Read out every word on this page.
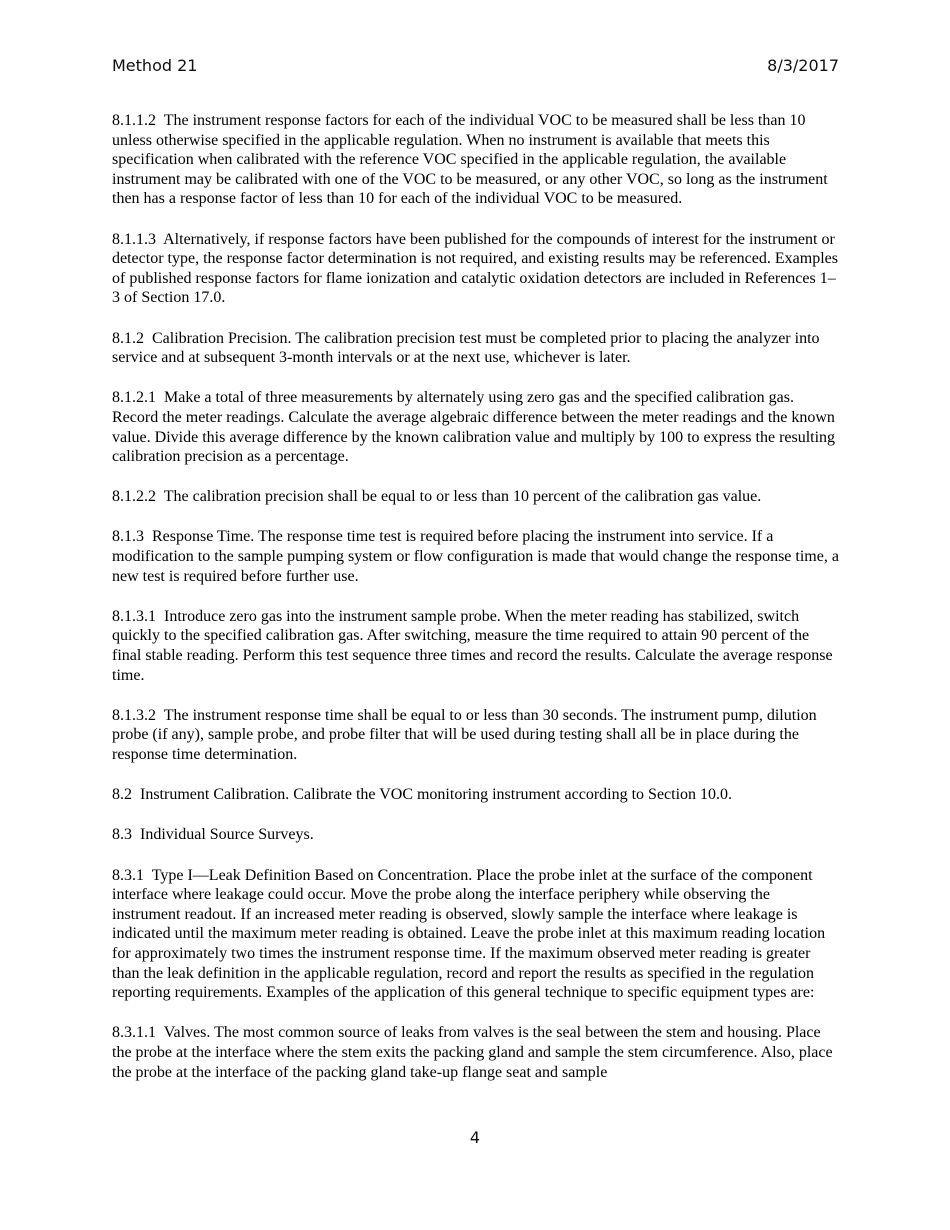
Method 21	8/3/2017

8.1.1.2  The instrument response factors for each of the individual VOC to be measured shall be less than 10 unless otherwise specified in the applicable regulation. When no instrument is available that meets this specification when calibrated with the reference VOC specified in the applicable regulation, the available instrument may be calibrated with one of the VOC to be measured, or any other VOC, so long as the instrument then has a response factor of less than 10 for each of the individual VOC to be measured.

8.1.1.3  Alternatively, if response factors have been published for the compounds of interest for the instrument or detector type, the response factor determination is not required, and existing results may be referenced. Examples of published response factors for flame ionization and catalytic oxidation detectors are included in References 1–3 of Section 17.0.

8.1.2  Calibration Precision. The calibration precision test must be completed prior to placing the analyzer into service and at subsequent 3-month intervals or at the next use, whichever is later.

8.1.2.1  Make a total of three measurements by alternately using zero gas and the specified calibration gas. Record the meter readings. Calculate the average algebraic difference between the meter readings and the known value. Divide this average difference by the known calibration value and multiply by 100 to express the resulting calibration precision as a percentage.

8.1.2.2  The calibration precision shall be equal to or less than 10 percent of the calibration gas value.

8.1.3  Response Time. The response time test is required before placing the instrument into service. If a modification to the sample pumping system or flow configuration is made that would change the response time, a new test is required before further use.

8.1.3.1  Introduce zero gas into the instrument sample probe. When the meter reading has stabilized, switch quickly to the specified calibration gas. After switching, measure the time required to attain 90 percent of the final stable reading. Perform this test sequence three times and record the results. Calculate the average response time.

8.1.3.2  The instrument response time shall be equal to or less than 30 seconds. The instrument pump, dilution probe (if any), sample probe, and probe filter that will be used during testing shall all be in place during the response time determination.

8.2  Instrument Calibration. Calibrate the VOC monitoring instrument according to Section 10.0.

8.3  Individual Source Surveys.

8.3.1  Type I—Leak Definition Based on Concentration. Place the probe inlet at the surface of the component interface where leakage could occur. Move the probe along the interface periphery while observing the instrument readout. If an increased meter reading is observed, slowly sample the interface where leakage is indicated until the maximum meter reading is obtained. Leave the probe inlet at this maximum reading location for approximately two times the instrument response time. If the maximum observed meter reading is greater than the leak definition in the applicable regulation, record and report the results as specified in the regulation reporting requirements. Examples of the application of this general technique to specific equipment types are:

8.3.1.1  Valves. The most common source of leaks from valves is the seal between the stem and housing. Place the probe at the interface where the stem exits the packing gland and sample the stem circumference. Also, place the probe at the interface of the packing gland take-up flange seat and sample

4
